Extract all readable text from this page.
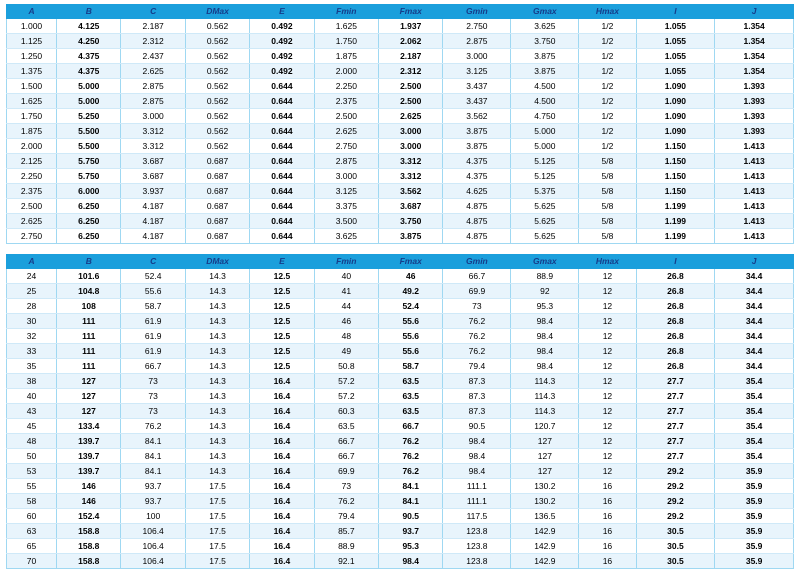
A	B	C	DMax	E	Fmin	Fmax	Gmin	Gmax	Hmax	I	J
1.000	4.125	2.187	0.562	0.492	1.625	1.937	2.750	3.625	1/2	1.055	1.354
1.125	4.250	2.312	0.562	0.492	1.750	2.062	2.875	3.750	1/2	1.055	1.354
1.250	4.375	2.437	0.562	0.492	1.875	2.187	3.000	3.875	1/2	1.055	1.354
1.375	4.375	2.625	0.562	0.492	2.000	2.312	3.125	3.875	1/2	1.055	1.354
1.500	5.000	2.875	0.562	0.644	2.250	2.500	3.437	4.500	1/2	1.090	1.393
1.625	5.000	2.875	0.562	0.644	2.375	2.500	3.437	4.500	1/2	1.090	1.393
1.750	5.250	3.000	0.562	0.644	2.500	2.625	3.562	4.750	1/2	1.090	1.393
1.875	5.500	3.312	0.562	0.644	2.625	3.000	3.875	5.000	1/2	1.090	1.393
2.000	5.500	3.312	0.562	0.644	2.750	3.000	3.875	5.000	1/2	1.150	1.413
2.125	5.750	3.687	0.687	0.644	2.875	3.312	4.375	5.125	5/8	1.150	1.413
2.250	5.750	3.687	0.687	0.644	3.000	3.312	4.375	5.125	5/8	1.150	1.413
2.375	6.000	3.937	0.687	0.644	3.125	3.562	4.625	5.375	5/8	1.150	1.413
2.500	6.250	4.187	0.687	0.644	3.375	3.687	4.875	5.625	5/8	1.199	1.413
2.625	6.250	4.187	0.687	0.644	3.500	3.750	4.875	5.625	5/8	1.199	1.413
2.750	6.250	4.187	0.687	0.644	3.625	3.875	4.875	5.625	5/8	1.199	1.413
A	B	C	DMax	E	Fmin	Fmax	Gmin	Gmax	Hmax	I	J
24	101.6	52.4	14.3	12.5	40	46	66.7	88.9	12	26.8	34.4
25	104.8	55.6	14.3	12.5	41	49.2	69.9	92	12	26.8	34.4
28	108	58.7	14.3	12.5	44	52.4	73	95.3	12	26.8	34.4
30	111	61.9	14.3	12.5	46	55.6	76.2	98.4	12	26.8	34.4
32	111	61.9	14.3	12.5	48	55.6	76.2	98.4	12	26.8	34.4
33	111	61.9	14.3	12.5	49	55.6	76.2	98.4	12	26.8	34.4
35	111	66.7	14.3	12.5	50.8	58.7	79.4	98.4	12	26.8	34.4
38	127	73	14.3	16.4	57.2	63.5	87.3	114.3	12	27.7	35.4
40	127	73	14.3	16.4	57.2	63.5	87.3	114.3	12	27.7	35.4
43	127	73	14.3	16.4	60.3	63.5	87.3	114.3	12	27.7	35.4
45	133.4	76.2	14.3	16.4	63.5	66.7	90.5	120.7	12	27.7	35.4
48	139.7	84.1	14.3	16.4	66.7	76.2	98.4	127	12	27.7	35.4
50	139.7	84.1	14.3	16.4	66.7	76.2	98.4	127	12	27.7	35.4
53	139.7	84.1	14.3	16.4	69.9	76.2	98.4	127	12	29.2	35.9
55	146	93.7	17.5	16.4	73	84.1	111.1	130.2	16	29.2	35.9
58	146	93.7	17.5	16.4	76.2	84.1	111.1	130.2	16	29.2	35.9
60	152.4	100	17.5	16.4	79.4	90.5	117.5	136.5	16	29.2	35.9
63	158.8	106.4	17.5	16.4	85.7	93.7	123.8	142.9	16	30.5	35.9
65	158.8	106.4	17.5	16.4	88.9	95.3	123.8	142.9	16	30.5	35.9
70	158.8	106.4	17.5	16.4	92.1	98.4	123.8	142.9	16	30.5	35.9
